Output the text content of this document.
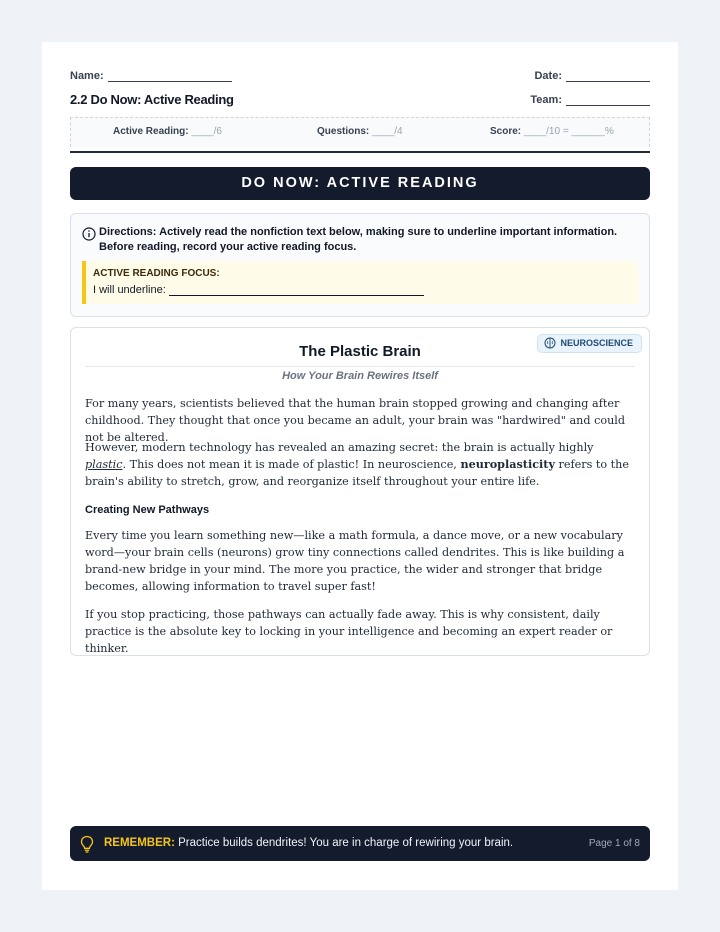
Name:	Date:
2.2 Do Now: Active Reading	Team:
Active Reading: ____/6	Questions: ____/4	Score: ____/10 = ______%
DO NOW: ACTIVE READING
Directions: Actively read the nonfiction text below, making sure to underline important information. Before reading, record your active reading focus.
ACTIVE READING FOCUS:
I will underline:
NEUROSCIENCE
The Plastic Brain
How Your Brain Rewires Itself
For many years, scientists believed that the human brain stopped growing and changing after childhood. They thought that once you became an adult, your brain was "hardwired" and could not be altered.
However, modern technology has revealed an amazing secret: the brain is actually highly plastic. This does not mean it is made of plastic! In neuroscience, neuroplasticity refers to the brain's ability to stretch, grow, and reorganize itself throughout your entire life.
Creating New Pathways
Every time you learn something new—like a math formula, a dance move, or a new vocabulary word—your brain cells (neurons) grow tiny connections called dendrites. This is like building a brand-new bridge in your mind. The more you practice, the wider and stronger that bridge becomes, allowing information to travel super fast!
If you stop practicing, those pathways can actually fade away. This is why consistent, daily practice is the absolute key to locking in your intelligence and becoming an expert reader or thinker.
REMEMBER: Practice builds dendrites! You are in charge of rewiring your brain.	Page 1 of 8
